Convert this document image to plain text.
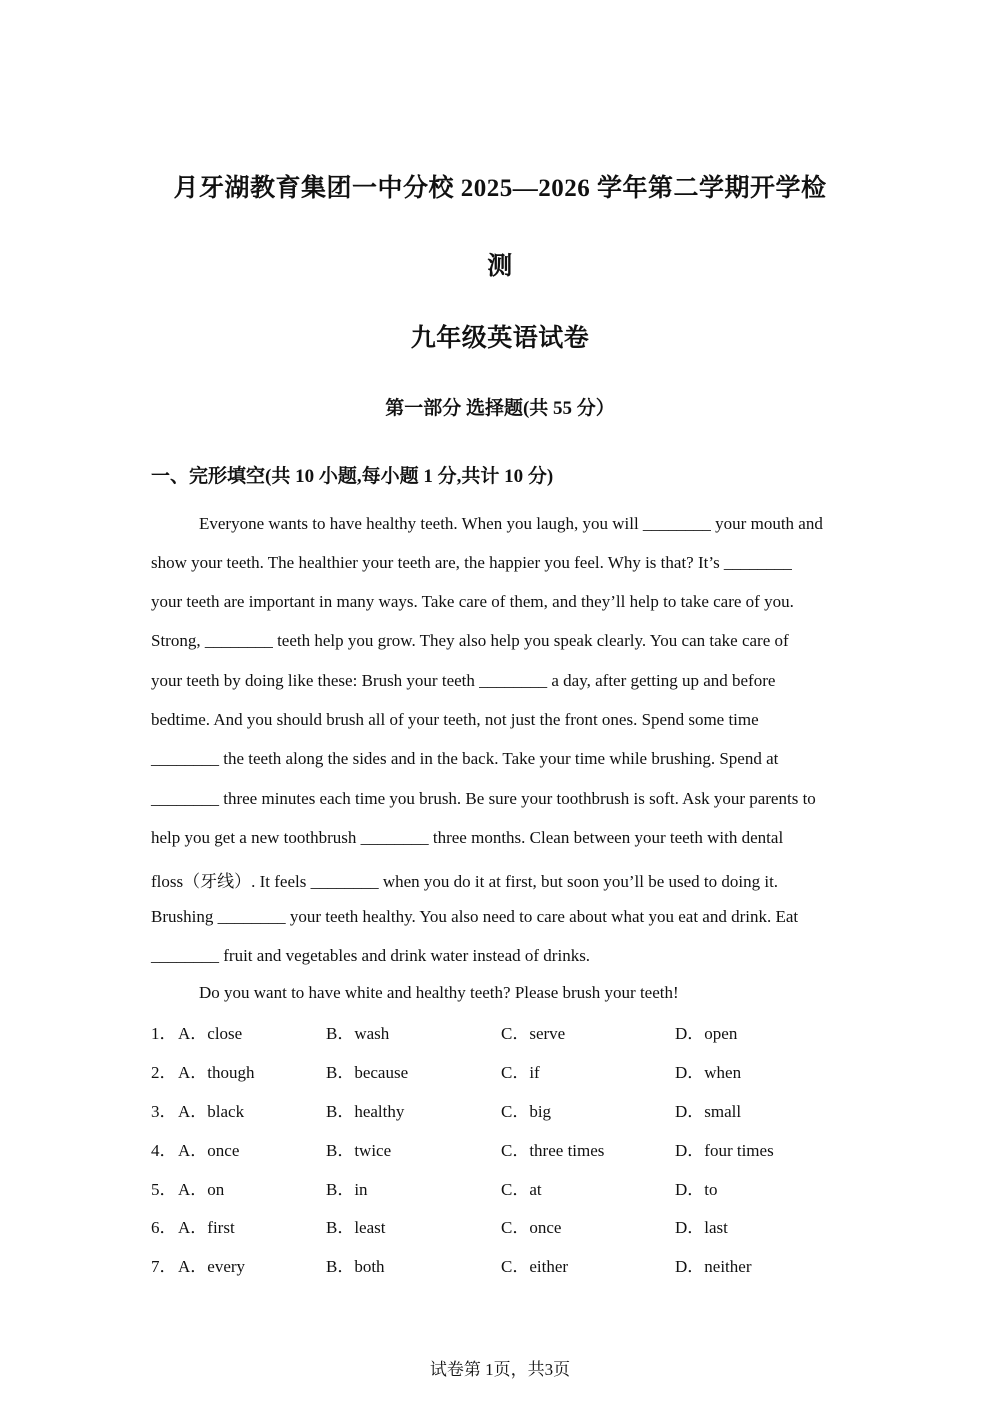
月牙湖教育集团一中分校 2025—2026 学年第二学期开学检
测
九年级英语试卷
第一部分 选择题(共 55 分）
一、完形填空(共 10 小题,每小题 1 分,共计 10 分)
Everyone wants to have healthy teeth. When you laugh, you will ________ your mouth and
show your teeth. The healthier your teeth are, the happier you feel. Why is that? It’s ________
your teeth are important in many ways. Take care of them, and they’ll help to take care of you.
Strong, ________ teeth help you grow. They also help you speak clearly. You can take care of
your teeth by doing like these: Brush your teeth ________ a day, after getting up and before
bedtime. And you should brush all of your teeth, not just the front ones. Spend some time
________ the teeth along the sides and in the back. Take your time while brushing. Spend at
________ three minutes each time you brush. Be sure your toothbrush is soft. Ask your parents to
help you get a new toothbrush ________ three months. Clean between your teeth with dental
floss（牙线）. It feels ________ when you do it at first, but soon you’ll be used to doing it.
Brushing ________ your teeth healthy. You also need to care about what you eat and drink. Eat
________ fruit and vegetables and drink water instead of drinks.
Do you want to have white and healthy teeth? Please brush your teeth!
1． A．close	B．wash	C．serve	D．open
2． A．though	B．because	C．if	D．when
3． A．black	B．healthy	C．big	D．small
4． A．once	B．twice	C．three times	D．four times
5． A．on	B．in	C．at	D．to
6． A．first	B．least	C．once	D．last
7． A．every	B．both	C．either	D．neither
试卷第 1页，共3页
